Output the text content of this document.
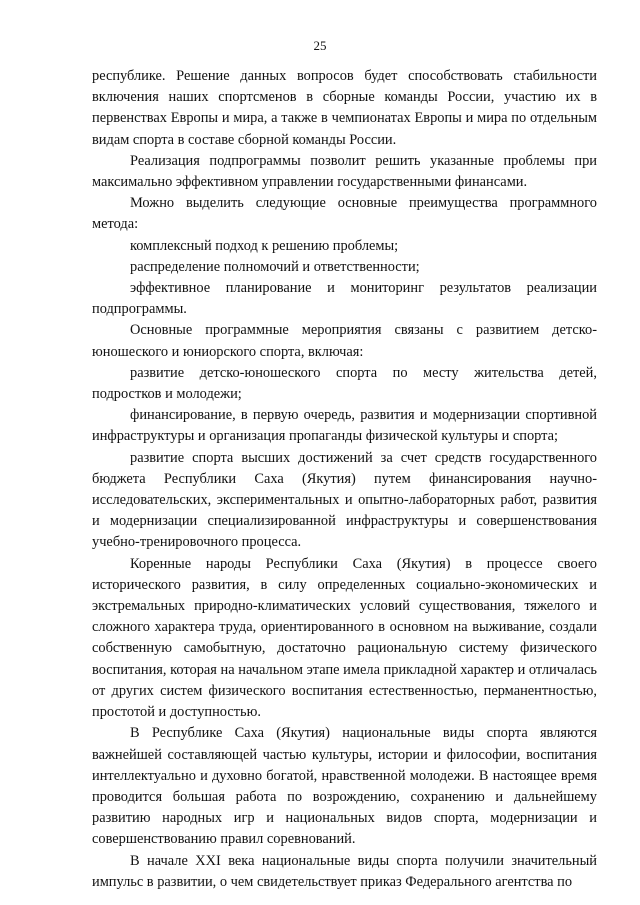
25

республике. Решение данных вопросов будет способствовать стабильности включения наших спортсменов в сборные команды России, участию их в первенствах Европы и мира, а также в чемпионатах Европы и мира по отдельным видам спорта в составе сборной команды России.

Реализация подпрограммы позволит решить указанные проблемы при максимально эффективном управлении государственными финансами.

Можно выделить следующие основные преимущества программного метода:

комплексный подход к решению проблемы;

распределение полномочий и ответственности;

эффективное планирование и мониторинг результатов реализации подпрограммы.

Основные программные мероприятия связаны с развитием детско-юношеского и юниорского спорта, включая:

развитие детско-юношеского спорта по месту жительства детей, подростков и молодежи;

финансирование, в первую очередь, развития и модернизации спортивной инфраструктуры и организация пропаганды физической культуры и спорта;

развитие спорта высших достижений за счет средств государственного бюджета Республики Саха (Якутия) путем финансирования научно-исследовательских, экспериментальных и опытно-лабораторных работ, развития и модернизации специализированной инфраструктуры и совершенствования учебно-тренировочного процесса.

Коренные народы Республики Саха (Якутия) в процессе своего исторического развития, в силу определенных социально-экономических и экстремальных природно-климатических условий существования, тяжелого и сложного характера труда, ориентированного в основном на выживание, создали собственную самобытную, достаточно рациональную систему физического воспитания, которая на начальном этапе имела прикладной характер и отличалась от других систем физического воспитания естественностью, перманентностью, простотой и доступностью.

В Республике Саха (Якутия) национальные виды спорта являются важнейшей составляющей частью культуры, истории и философии, воспитания интеллектуально и духовно богатой, нравственной молодежи. В настоящее время проводится большая работа по возрождению, сохранению и дальнейшему развитию народных игр и национальных видов спорта, модернизации и совершенствованию правил соревнований.

В начале XXI века национальные виды спорта получили значительный импульс в развитии, о чем свидетельствует приказ Федерального агентства по
